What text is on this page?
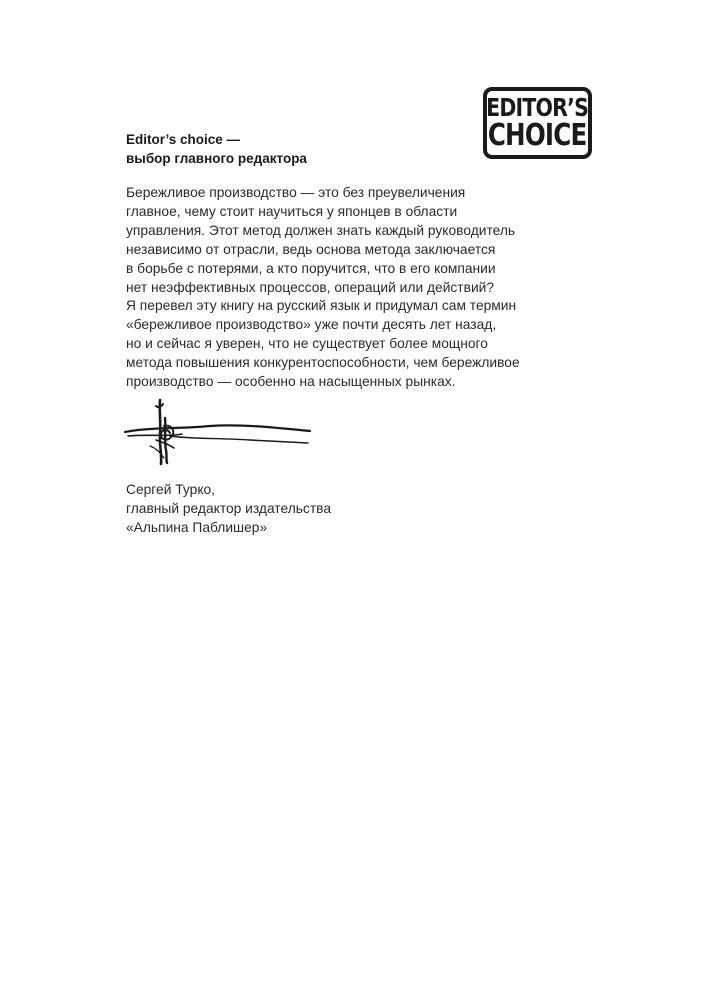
EDITOR’S
CHOICE
Editor’s choice —
выбор главного редактора

Бережливое производство — это без преувеличения
главное, чему стоит научиться у японцев в области
управления. Этот метод должен знать каждый руководитель
независимо от отрасли, ведь основа метода заключается
в борьбе с потерями, а кто поручится, что в его компании
нет неэффективных процессов, операций или действий?
Я перевел эту книгу на русский язык и придумал сам термин
«бережливое производство» уже почти десять лет назад,
но и сейчас я уверен, что не существует более мощного
метода повышения конкурентоспособности, чем бережливое
производство — особенно на насыщенных рынках.

Сергей Турко,
главный редактор издательства
«Альпина Паблишер»
